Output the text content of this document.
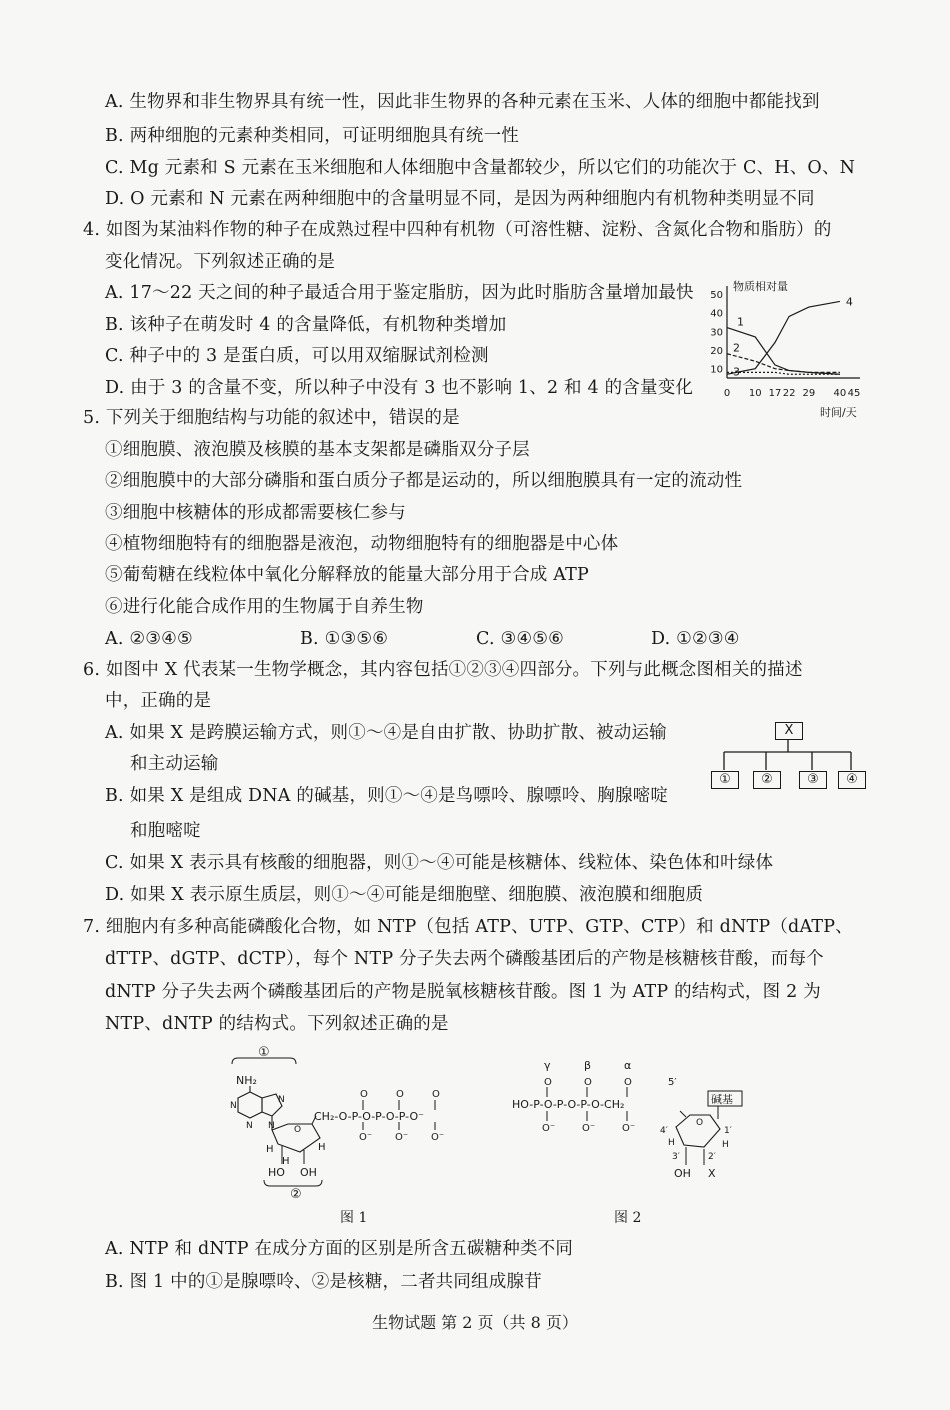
A. 生物界和非生物界具有统一性，因此非生物界的各种元素在玉米、人体的细胞中都能找到
B. 两种细胞的元素种类相同，可证明细胞具有统一性
C. Mg 元素和 S 元素在玉米细胞和人体细胞中含量都较少，所以它们的功能次于 C、H、O、N
D. O 元素和 N 元素在两种细胞中的含量明显不同，是因为两种细胞内有机物种类明显不同
4. 如图为某油料作物的种子在成熟过程中四种有机物（可溶性糖、淀粉、含氮化合物和脂肪）的
变化情况。下列叙述正确的是
A. 17～22 天之间的种子最适合用于鉴定脂肪，因为此时脂肪含量增加最快
B. 该种子在萌发时 4 的含量降低，有机物种类增加
C. 种子中的 3 是蛋白质，可以用双缩脲试剂检测
D. 由于 3 的含量不变，所以种子中没有 3 也不影响 1、2 和 4 的含量变化
物质相对量
时间/天
10
20
30
40
50
0 10 17 22 29 40 45
1
2
3
4
5. 下列关于细胞结构与功能的叙述中，错误的是
①细胞膜、液泡膜及核膜的基本支架都是磷脂双分子层
②细胞膜中的大部分磷脂和蛋白质分子都是运动的，所以细胞膜具有一定的流动性
③细胞中核糖体的形成都需要核仁参与
④植物细胞特有的细胞器是液泡，动物细胞特有的细胞器是中心体
⑤葡萄糖在线粒体中氧化分解释放的能量大部分用于合成 ATP
⑥进行化能合成作用的生物属于自养生物
A. ②③④⑤	B. ①③⑤⑥	C. ③④⑤⑥	D. ①②③④
6. 如图中 X 代表某一生物学概念，其内容包括①②③④四部分。下列与此概念图相关的描述
中，正确的是
A. 如果 X 是跨膜运输方式，则①～④是自由扩散、协助扩散、被动运输
和主动运输
B. 如果 X 是组成 DNA 的碱基，则①～④是鸟嘌呤、腺嘌呤、胸腺嘧啶
和胞嘧啶
C. 如果 X 表示具有核酸的细胞器，则①～④可能是核糖体、线粒体、染色体和叶绿体
D. 如果 X 表示原生质层，则①～④可能是细胞壁、细胞膜、液泡膜和细胞质
X
①	②	③	④
7. 细胞内有多种高能磷酸化合物，如 NTP（包括 ATP、UTP、GTP、CTP）和 dNTP（dATP、
dTTP、dGTP、dCTP），每个 NTP 分子失去两个磷酸基团后的产物是核糖核苷酸，而每个
dNTP 分子失去两个磷酸基团后的产物是脱氧核糖核苷酸。图 1 为 ATP 的结构式，图 2 为
NTP、dNTP 的结构式。下列叙述正确的是
①
NH₂
N
N
N
N O
H	H
H
HO OH
②
CH₂-O-P-O-P-O-P-O⁻
O	O	O
O⁻ O⁻ O⁻
图 1
γ	β	α
O	O	O
HO-P-O-P-O-P-O-CH₂
O⁻	O⁻	O⁻
5′
碱基
O
4′	1′
H	H
3′	2′
OH X
图 2
A. NTP 和 dNTP 在成分方面的区别是所含五碳糖种类不同
B. 图 1 中的①是腺嘌呤、②是核糖，二者共同组成腺苷
生物试题 第 2 页（共 8 页）
